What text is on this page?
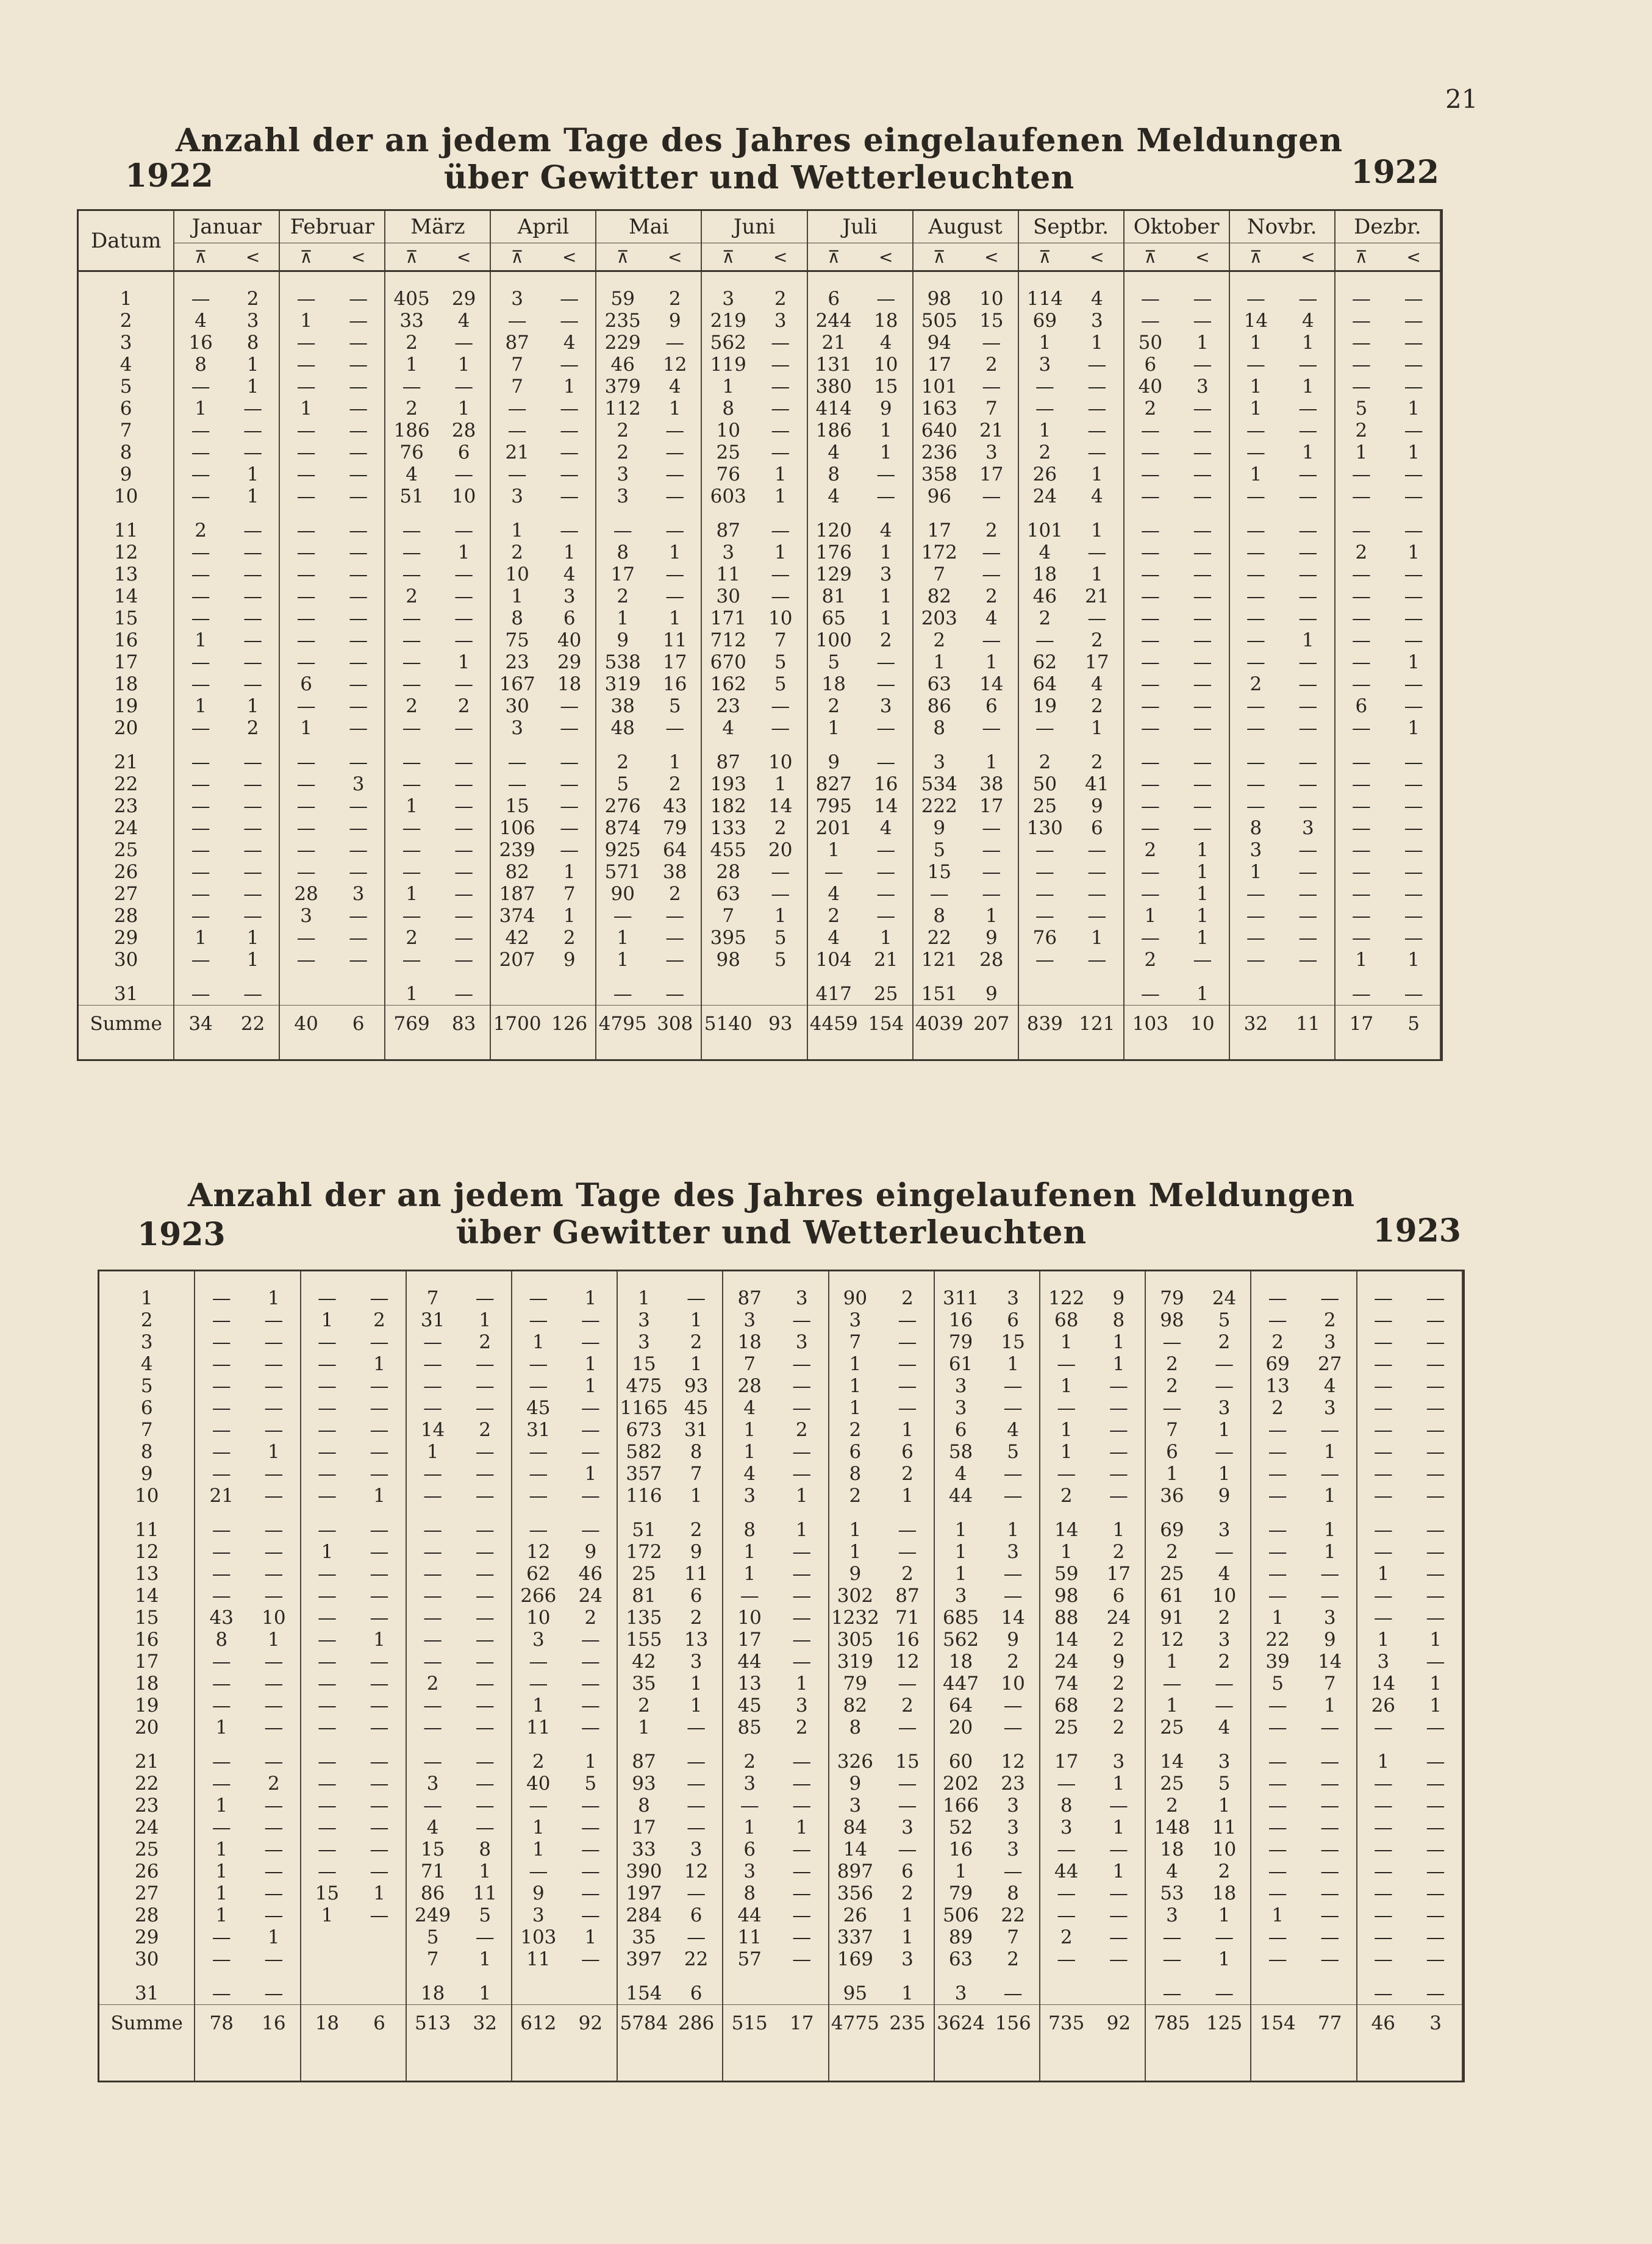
21
Anzahl der an jedem Tage des Jahres eingelaufenen Meldungen
über Gewitter und Wetterleuchten
1922	1922
Datum	Januar		Februar		März		April		Mai		Juni		Juli		August		Septbr.		Oktober		Novbr.		Dezbr.	
	⊼	<	⊼	<	⊼	<	⊼	<	⊼	<	⊼	<	⊼	<	⊼	<	⊼	<	⊼	<	⊼	<	⊼	<

1	—	2	—	—	405	29	3	—	59	2	3	2	6	—	98	10	114	4	—	—	—	—	—	—
2	4	3	1	—	33	4	—	—	235	9	219	3	244	18	505	15	69	3	—	—	14	4	—	—
3	16	8	—	—	2	—	87	4	229	—	562	—	21	4	94	—	1	1	50	1	1	1	—	—
4	8	1	—	—	1	1	7	—	46	12	119	—	131	10	17	2	3	—	6	—	—	—	—	—
5	—	1	—	—	—	—	7	1	379	4	1	—	380	15	101	—	—	—	40	3	1	1	—	—
6	1	—	1	—	2	1	—	—	112	1	8	—	414	9	163	7	—	—	2	—	1	—	5	1
7	—	—	—	—	186	28	—	—	2	—	10	—	186	1	640	21	1	—	—	—	—	—	2	—
8	—	—	—	—	76	6	21	—	2	—	25	—	4	1	236	3	2	—	—	—	—	1	1	1
9	—	1	—	—	4	—	—	—	3	—	76	1	8	—	358	17	26	1	—	—	1	—	—	—
10	—	1	—	—	51	10	3	—	3	—	603	1	4	—	96	—	24	4	—	—	—	—	—	—

11	2	—	—	—	—	—	1	—	—	—	87	—	120	4	17	2	101	1	—	—	—	—	—	—
12	—	—	—	—	—	1	2	1	8	1	3	1	176	1	172	—	4	—	—	—	—	—	2	1
13	—	—	—	—	—	—	10	4	17	—	11	—	129	3	7	—	18	1	—	—	—	—	—	—
14	—	—	—	—	2	—	1	3	2	—	30	—	81	1	82	2	46	21	—	—	—	—	—	—
15	—	—	—	—	—	—	8	6	1	1	171	10	65	1	203	4	2	—	—	—	—	—	—	—
16	1	—	—	—	—	—	75	40	9	11	712	7	100	2	2	—	—	2	—	—	—	1	—	—
17	—	—	—	—	—	1	23	29	538	17	670	5	5	—	1	1	62	17	—	—	—	—	—	1
18	—	—	6	—	—	—	167	18	319	16	162	5	18	—	63	14	64	4	—	—	2	—	—	—
19	1	1	—	—	2	2	30	—	38	5	23	—	2	3	86	6	19	2	—	—	—	—	6	—
20	—	2	1	—	—	—	3	—	48	—	4	—	1	—	8	—	—	1	—	—	—	—	—	1

21	—	—	—	—	—	—	—	—	2	1	87	10	9	—	3	1	2	2	—	—	—	—	—	—
22	—	—	—	3	—	—	—	—	5	2	193	1	827	16	534	38	50	41	—	—	—	—	—	—
23	—	—	—	—	1	—	15	—	276	43	182	14	795	14	222	17	25	9	—	—	—	—	—	—
24	—	—	—	—	—	—	106	—	874	79	133	2	201	4	9	—	130	6	—	—	8	3	—	—
25	—	—	—	—	—	—	239	—	925	64	455	20	1	—	5	—	—	—	2	1	3	—	—	—
26	—	—	—	—	—	—	82	1	571	38	28	—	—	—	15	—	—	—	—	1	1	—	—	—
27	—	—	28	3	1	—	187	7	90	2	63	—	4	—	—	—	—	—	—	1	—	—	—	—
28	—	—	3	—	—	—	374	1	—	—	7	1	2	—	8	1	—	—	1	1	—	—	—	—
29	1	1	—	—	2	—	42	2	1	—	395	5	4	1	22	9	76	1	—	1	—	—	—	—
30	—	1	—	—	—	—	207	9	1	—	98	5	104	21	121	28	—	—	2	—	—	—	1	1

31	—	—			1	—			—	—			417	25	151	9			—	1			—	—
Summe	34	22	40	6	769	83	1700	126	4795	308	5140	93	4459	154	4039	207	839	121	103	10	32	11	17	5

Anzahl der an jedem Tage des Jahres eingelaufenen Meldungen
über Gewitter und Wetterleuchten
1923	1923

1	—	1	—	—	7	—	—	1	1	—	87	3	90	2	311	3	122	9	79	24	—	—	—	—
2	—	—	1	2	31	1	—	—	3	1	3	—	3	—	16	6	68	8	98	5	—	2	—	—
3	—	—	—	—	—	2	1	—	3	2	18	3	7	—	79	15	1	1	—	2	2	3	—	—
4	—	—	—	1	—	—	—	1	15	1	7	—	1	—	61	1	—	1	2	—	69	27	—	—
5	—	—	—	—	—	—	—	1	475	93	28	—	1	—	3	—	1	—	2	—	13	4	—	—
6	—	—	—	—	—	—	45	—	1165	45	4	—	1	—	3	—	—	—	—	3	2	3	—	—
7	—	—	—	—	14	2	31	—	673	31	1	2	2	1	6	4	1	—	7	1	—	—	—	—
8	—	1	—	—	1	—	—	—	582	8	1	—	6	6	58	5	1	—	6	—	—	1	—	—
9	—	—	—	—	—	—	—	1	357	7	4	—	8	2	4	—	—	—	1	1	—	—	—	—
10	21	—	—	1	—	—	—	—	116	1	3	1	2	1	44	—	2	—	36	9	—	1	—	—

11	—	—	—	—	—	—	—	—	51	2	8	1	1	—	1	1	14	1	69	3	—	1	—	—
12	—	—	1	—	—	—	12	9	172	9	1	—	1	—	1	3	1	2	2	—	—	1	—	—
13	—	—	—	—	—	—	62	46	25	11	1	—	9	2	1	—	59	17	25	4	—	—	1	—
14	—	—	—	—	—	—	266	24	81	6	—	—	302	87	3	—	98	6	61	10	—	—	—	—
15	43	10	—	—	—	—	10	2	135	2	10	—	1232	71	685	14	88	24	91	2	1	3	—	—
16	8	1	—	1	—	—	3	—	155	13	17	—	305	16	562	9	14	2	12	3	22	9	1	1
17	—	—	—	—	—	—	—	—	42	3	44	—	319	12	18	2	24	9	1	2	39	14	3	—
18	—	—	—	—	2	—	—	—	35	1	13	1	79	—	447	10	74	2	—	—	5	7	14	1
19	—	—	—	—	—	—	1	—	2	1	45	3	82	2	64	—	68	2	1	—	—	1	26	1
20	1	—	—	—	—	—	11	—	1	—	85	2	8	—	20	—	25	2	25	4	—	—	—	—

21	—	—	—	—	—	—	2	1	87	—	2	—	326	15	60	12	17	3	14	3	—	—	1	—
22	—	2	—	—	3	—	40	5	93	—	3	—	9	—	202	23	—	1	25	5	—	—	—	—
23	1	—	—	—	—	—	—	—	8	—	—	—	3	—	166	3	8	—	2	1	—	—	—	—
24	—	—	—	—	4	—	1	—	17	—	1	1	84	3	52	3	3	1	148	11	—	—	—	—
25	1	—	—	—	15	8	1	—	33	3	6	—	14	—	16	3	—	—	18	10	—	—	—	—
26	1	—	—	—	71	1	—	—	390	12	3	—	897	6	1	—	44	1	4	2	—	—	—	—
27	1	—	15	1	86	11	9	—	197	—	8	—	356	2	79	8	—	—	53	18	—	—	—	—
28	1	—	1	—	249	5	3	—	284	6	44	—	26	1	506	22	—	—	3	1	1	—	—	—
29	—	1			5	—	103	1	35	—	11	—	337	1	89	7	2	—	—	—	—	—	—	—
30	—	—			7	1	11	—	397	22	57	—	169	3	63	2	—	—	—	1	—	—	—	—

31	—	—			18	1			154	6			95	1	3	—			—	—			—	—
Summe	78	16	18	6	513	32	612	92	5784	286	515	17	4775	235	3624	156	735	92	785	125	154	77	46	3
